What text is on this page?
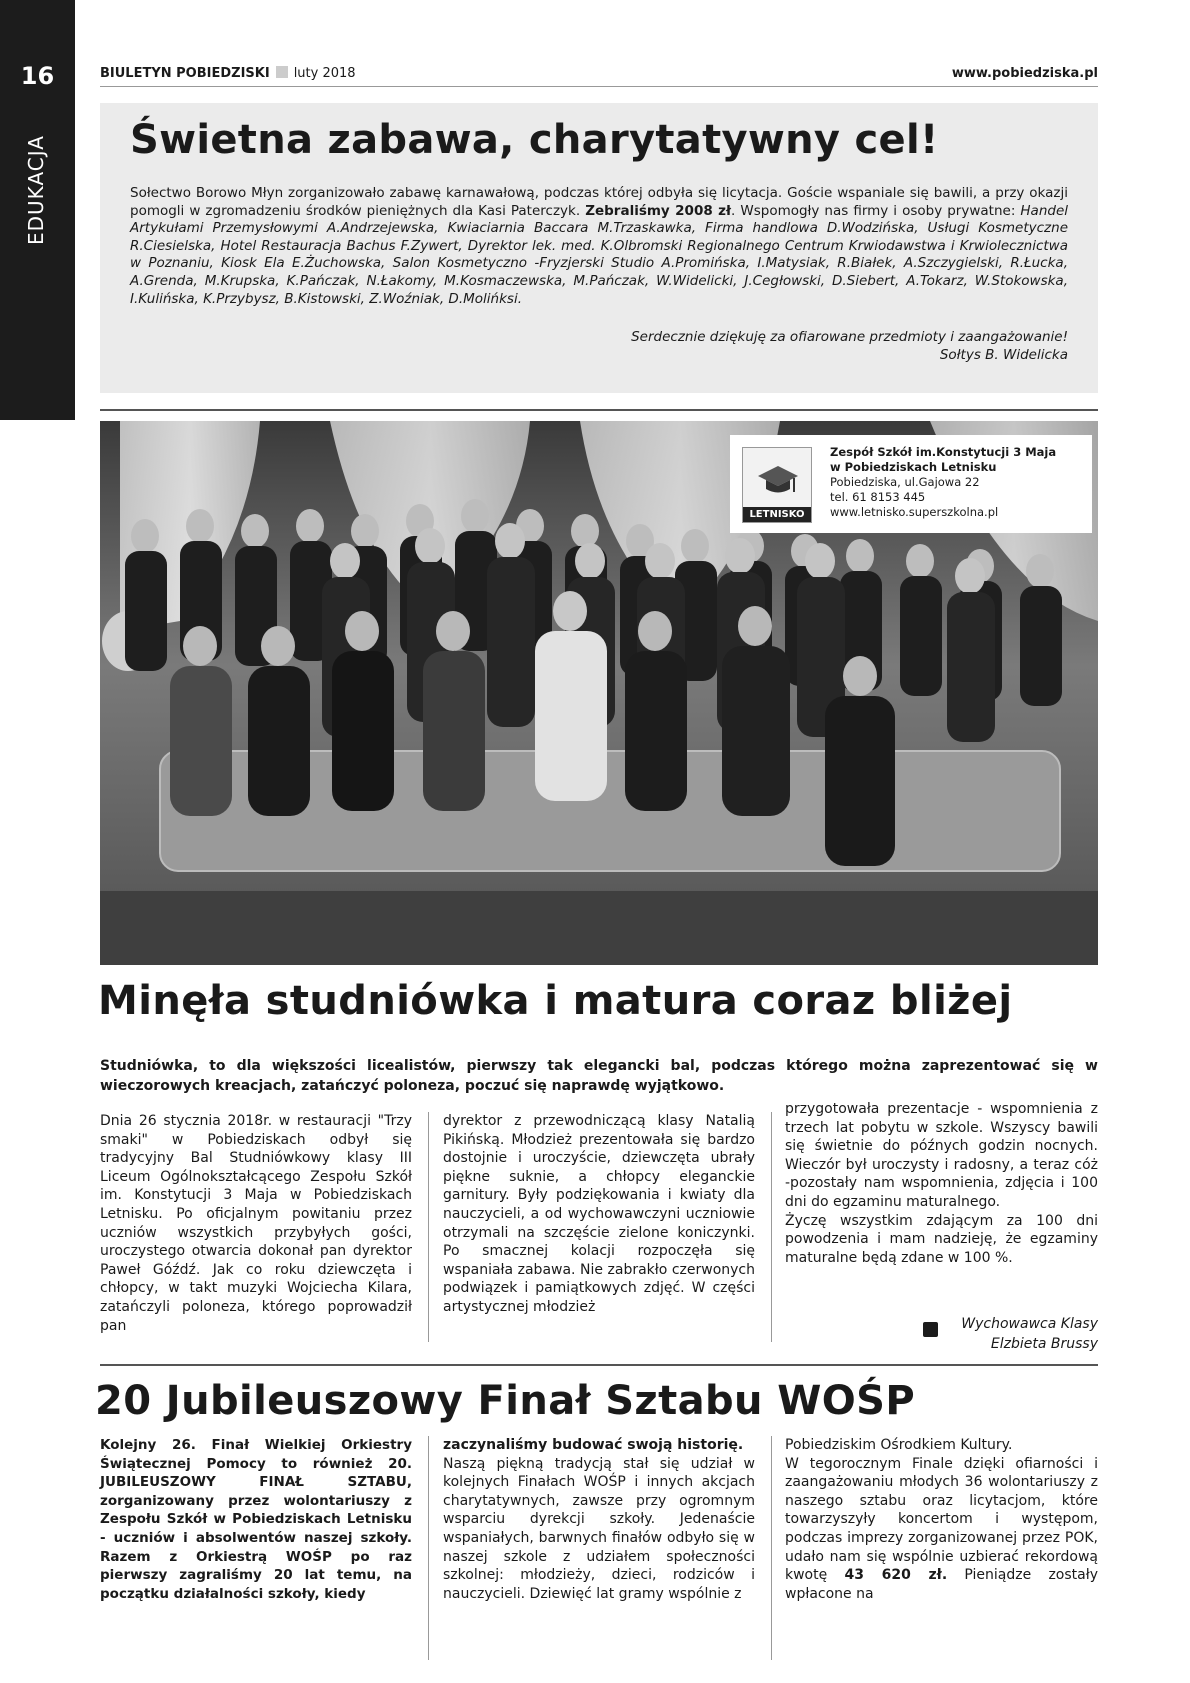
16
EDUKACJA
BIULETYN POBIEDZISKI luty 2018	www.pobiedziska.pl
Świetna zabawa, charytatywny cel!

Sołectwo Borowo Młyn zorganizowało zabawę karnawałową, podczas której odbyła się licytacja. Goście wspaniale się bawili, a przy okazji pomogli w zgromadzeniu środków pieniężnych dla Kasi Paterczyk. Zebraliśmy 2008 zł. Wspomogły nas firmy i osoby prywatne: Handel Artykułami Przemysłowymi A.Andrzejewska, Kwiaciarnia Baccara M.Trzaskawka, Firma handlowa D.Wodzińska, Usługi Kosmetyczne R.Ciesielska, Hotel Restauracja Bachus F.Zywert, Dyrektor lek. med. K.Olbromski Regionalnego Centrum Krwiodawstwa i Krwiolecznictwa w Poznaniu, Kiosk Ela E.Żuchowska, Salon Kosmetyczno -Fryzjerski Studio A.Promińska, I.Matysiak, R.Białek, A.Szczygielski, R.Łucka, A.Grenda, M.Krupska, K.Pańczak, N.Łakomy, M.Kosmaczewska, M.Pańczak, W.Widelicki, J.Cegłowski, D.Siebert, A.Tokarz, W.Stokowska, I.Kulińska, K.Przybysz, B.Kistowski, Z.Woźniak, D.Molińksi.

Serdecznie dziękuję za ofiarowane przedmioty i zaangażowanie!
Sołtys B. Widelicka
LETNISKO
Zespół Szkół im.Konstytucji 3 Maja
w Pobiedziskach Letnisku
Pobiedziska, ul.Gajowa 22
tel. 61 8153 445
www.letnisko.superszkolna.pl
Minęła studniówka i matura coraz bliżej
Studniówka, to dla większości licealistów, pierwszy tak elegancki bal, podczas którego można zaprezentować się w wieczorowych kreacjach, zatańczyć poloneza, poczuć się naprawdę wyjątkowo.
Dnia 26 stycznia 2018r. w restauracji "Trzy smaki" w Pobiedziskach odbył się tradycyjny Bal Studniówkowy klasy III Liceum Ogólnokształcącego Zespołu Szkół im. Konstytucji 3 Maja w Pobiedziskach Letnisku. Po oficjalnym powitaniu przez uczniów wszystkich przybyłych gości, uroczystego otwarcia dokonał pan dyrektor Paweł Góźdź. Jak co roku dziewczęta i chłopcy, w takt muzyki Wojciecha Kilara, zatańczyli poloneza, którego poprowadził pan
dyrektor z przewodniczącą klasy Natalią Pikińską. Młodzież prezentowała się bardzo dostojnie i uroczyście, dziewczęta ubrały piękne suknie, a chłopcy eleganckie garnitury. Były podziękowania i kwiaty dla nauczycieli, a od wychowawczyni uczniowie otrzymali na szczęście zielone koniczynki. Po smacznej kolacji rozpoczęła się wspaniała zabawa. Nie zabrakło czerwonych podwiązek i pamiątkowych zdjęć. W części artystycznej młodzież
przygotowała prezentacje - wspomnienia z trzech lat pobytu w szkole. Wszyscy bawili się świetnie do późnych godzin nocnych. Wieczór był uroczysty i radosny, a teraz cóż -pozostały nam wspomnienia, zdjęcia i 100 dni do egzaminu maturalnego.
Życzę wszystkim zdającym za 100 dni powodzenia i mam nadzieję, że egzaminy maturalne będą zdane w 100 %.
Wychowawca Klasy
Elzbieta Brussy
20 Jubileuszowy Finał Sztabu WOŚP
Kolejny 26. Finał Wielkiej Orkiestry Świątecznej Pomocy to również 20. JUBILEUSZOWY FINAŁ SZTABU, zorganizowany przez wolontariuszy z Zespołu Szkół w Pobiedziskach Letnisku - uczniów i absolwentów naszej szkoły. Razem z Orkiestrą WOŚP po raz pierwszy zagraliśmy 20 lat temu, na początku działalności szkoły, kiedy
zaczynaliśmy budować swoją historię.
Naszą piękną tradycją stał się udział w kolejnych Finałach WOŚP i innych akcjach charytatywnych, zawsze przy ogromnym wsparciu dyrekcji szkoły. Jedenaście wspaniałych, barwnych finałów odbyło się w naszej szkole z udziałem społeczności szkolnej: młodzieży, dzieci, rodziców i nauczycieli. Dziewięć lat gramy wspólnie z
Pobiedziskim Ośrodkiem Kultury.
W tegorocznym Finale dzięki ofiarności i zaangażowaniu młodych 36 wolontariuszy z naszego sztabu oraz licytacjom, które towarzyszyły koncertom i występom, podczas imprezy zorganizowanej przez POK, udało nam się wspólnie uzbierać rekordową kwotę 43 620 zł. Pieniądze zostały wpłacone na
